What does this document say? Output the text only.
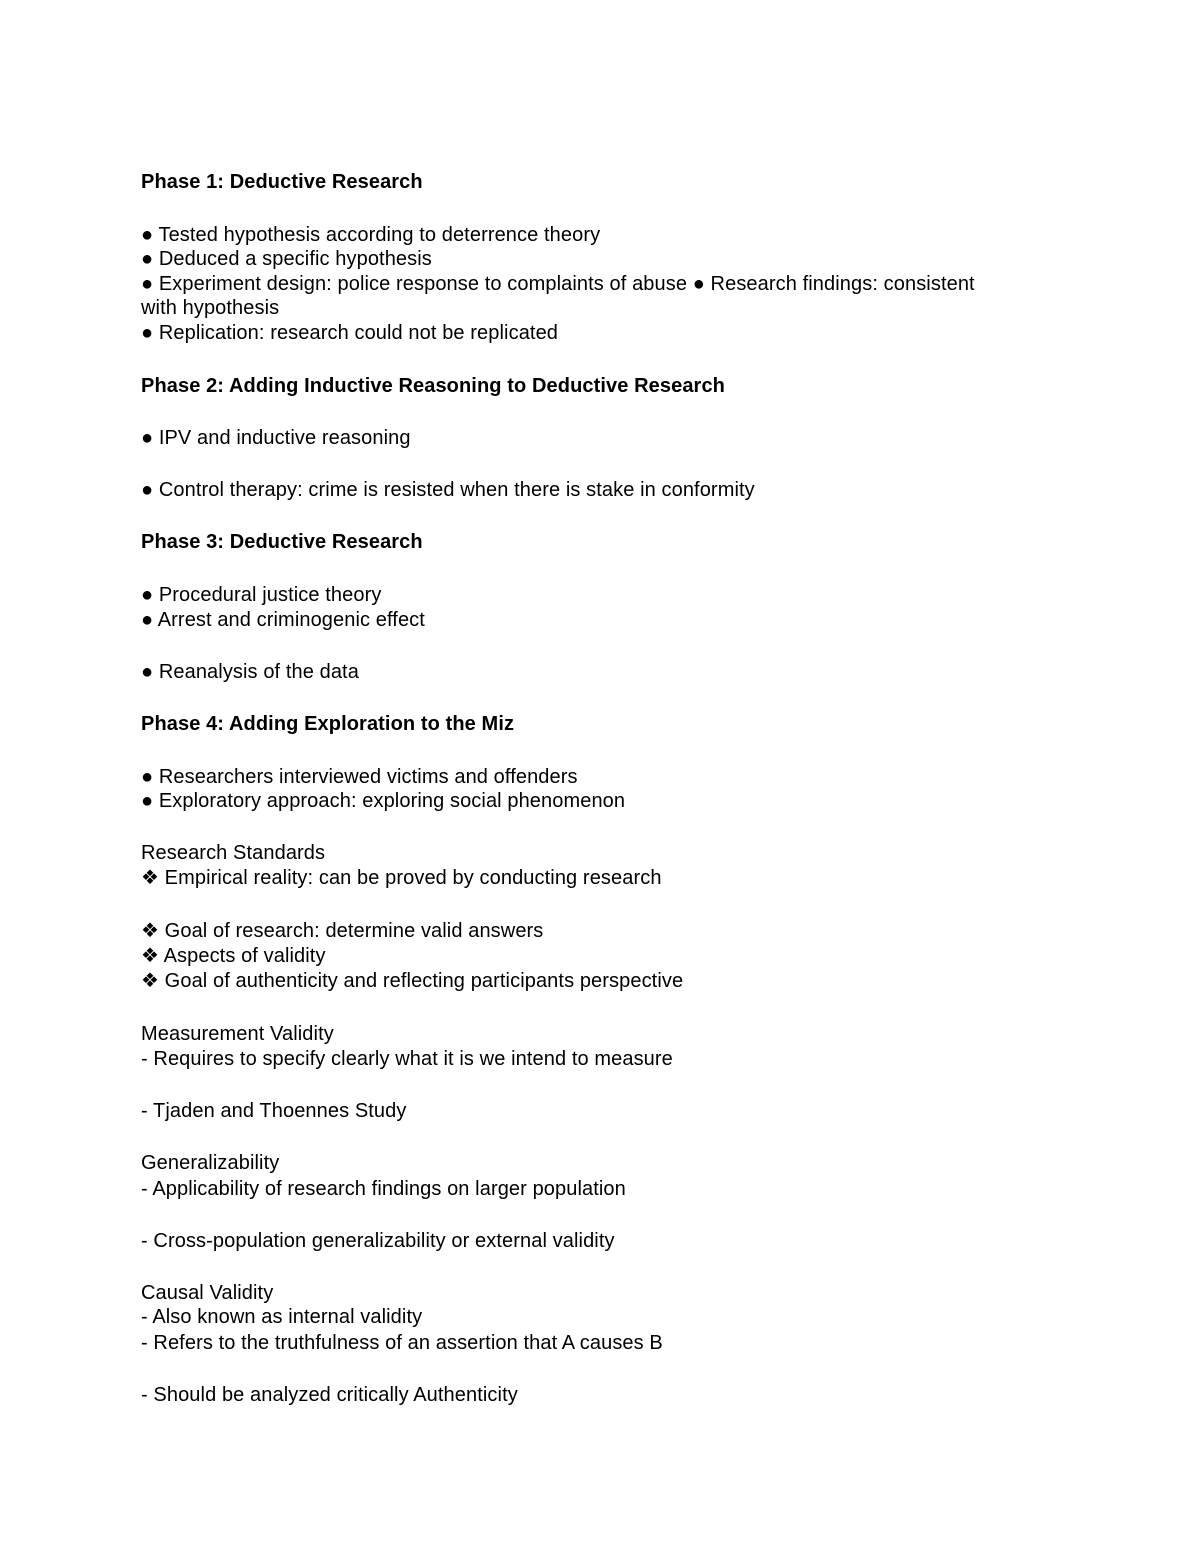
Phase 1: Deductive Research
● Tested hypothesis according to deterrence theory
● Deduced a specific hypothesis
● Experiment design: police response to complaints of abuse ● Research findings: consistent
with hypothesis
● Replication: research could not be replicated
Phase 2: Adding Inductive Reasoning to Deductive Research
● IPV and inductive reasoning
● Control therapy: crime is resisted when there is stake in conformity
Phase 3: Deductive Research
● Procedural justice theory
● Arrest and criminogenic effect
● Reanalysis of the data
Phase 4: Adding Exploration to the Miz
● Researchers interviewed victims and offenders
● Exploratory approach: exploring social phenomenon
Research Standards
❖ Empirical reality: can be proved by conducting research
❖ Goal of research: determine valid answers
❖ Aspects of validity
❖ Goal of authenticity and reflecting participants perspective
Measurement Validity
- Requires to specify clearly what it is we intend to measure
- Tjaden and Thoennes Study
Generalizability
- Applicability of research findings on larger population
- Cross-population generalizability or external validity
Causal Validity
- Also known as internal validity
- Refers to the truthfulness of an assertion that A causes B
- Should be analyzed critically Authenticity
